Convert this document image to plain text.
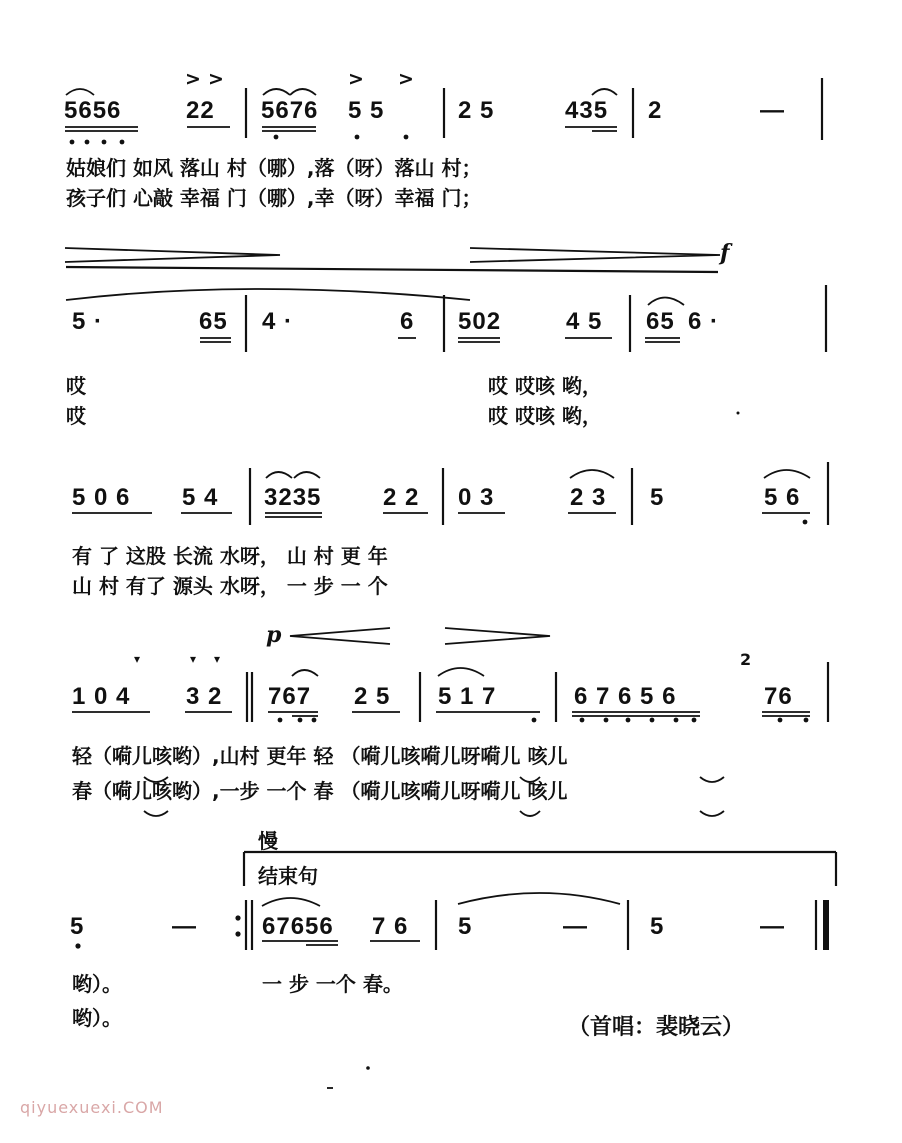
> >	> >
5656	22 5676 5 5	2 5	435 2	—
姑娘们 如风 落山 村（哪）,落（呀）落山 村；
孩子们 心敲 幸福 门（哪）,幸（呀）幸福 门；
f
5 ·	65 4 ·	6 502	4 5 65 6 ·
哎	哎 哎咳 哟，
哎	哎 哎咳 哟，
5 0 6 5 4 3235	2 2 0 3	2 3 5	5 6
有 了 这股 长流 水呀， 山 村 更 年
山 村 有了 源头 水呀， 一 步 一 个
p
▾	▾ ▾	2
1 0 4 3 2 767 2 5 5 1 7	6 7 6 5 6	76
轻（嗬儿咳哟）,山村 更年 轻 （嗬儿咳嗬儿呀嗬儿 咳儿
春（嗬儿咳哟）,一步 一个 春 （嗬儿咳嗬儿呀嗬儿 咳儿
慢
结束句
5	—	67656 7 6 5	—	5	—
哟）。	一 步 一个 春。
哟）。	（首唱：裴晓云）
qiyuexuexi.COM
